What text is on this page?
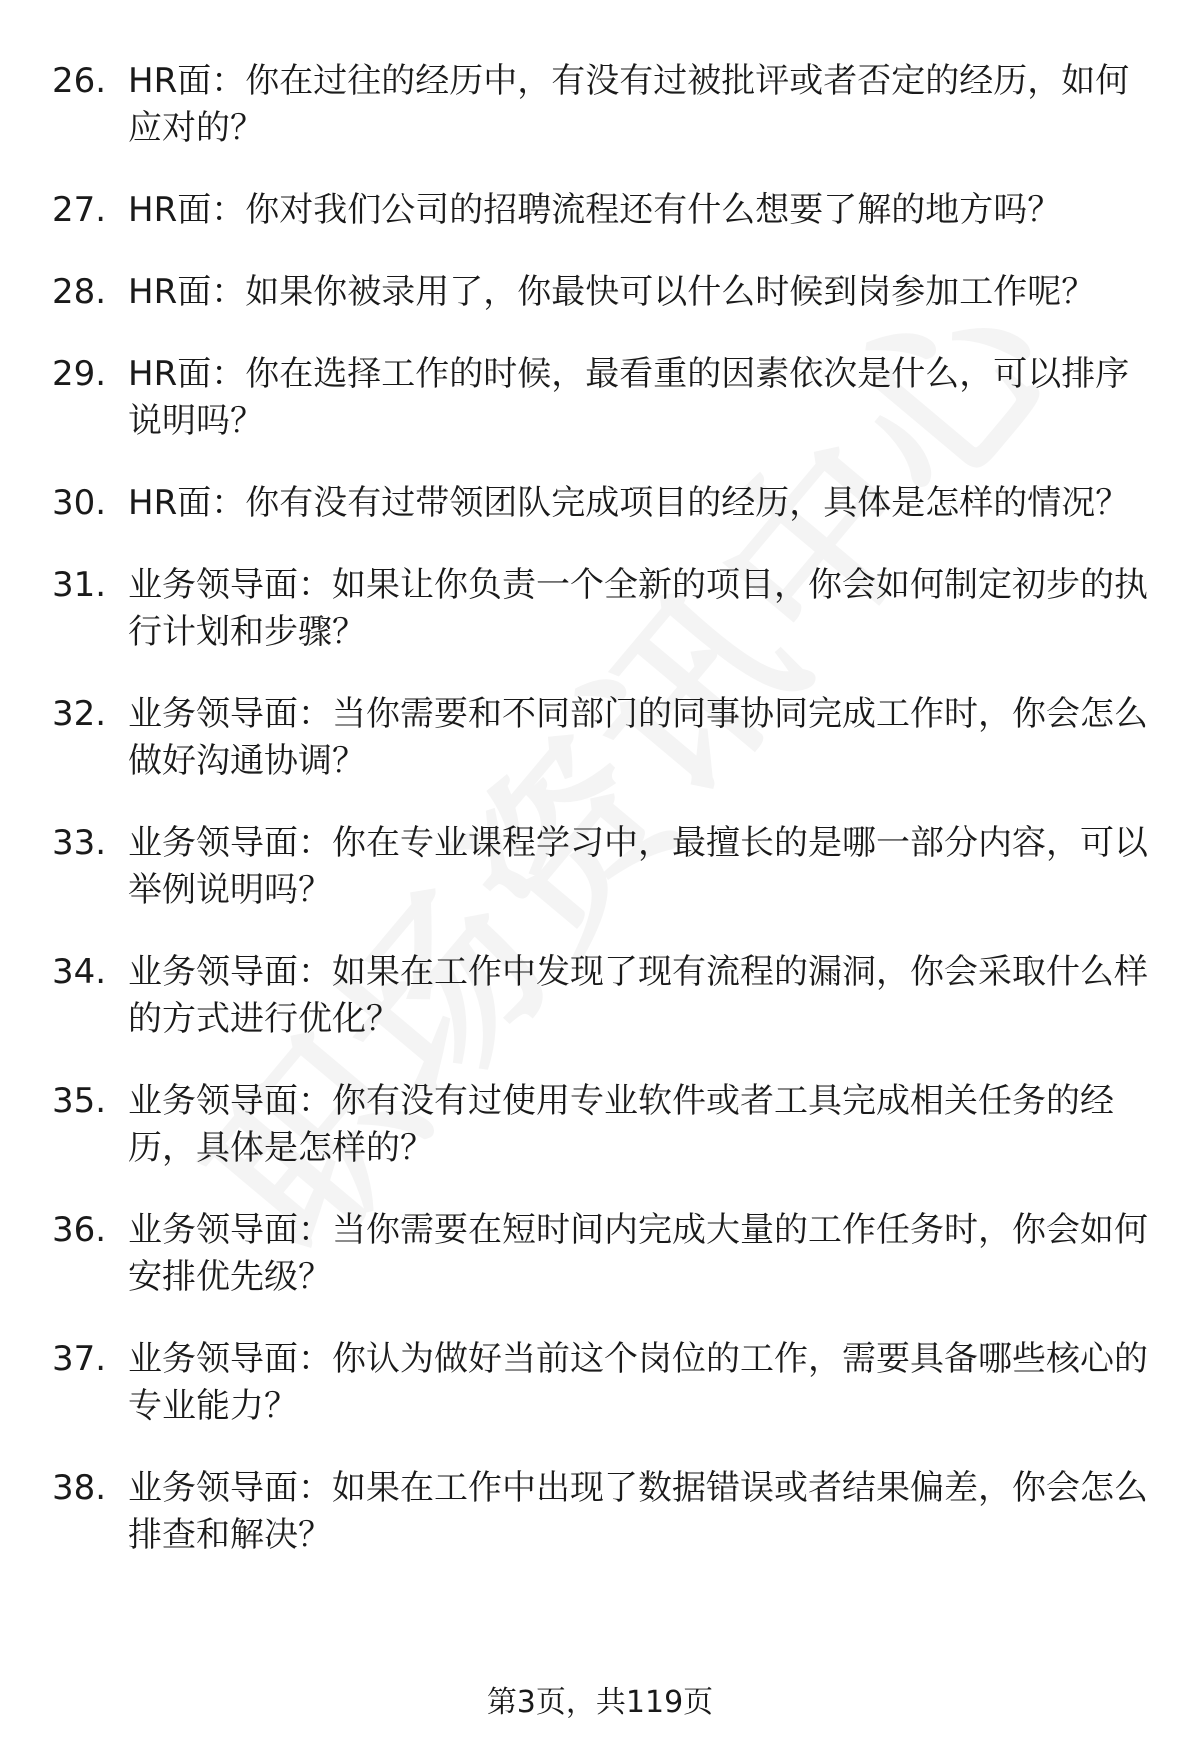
26. HR面：你在过往的经历中，有没有过被批评或者否定的经历，如何应对的？
27. HR面：你对我们公司的招聘流程还有什么想要了解的地方吗？
28. HR面：如果你被录用了，你最快可以什么时候到岗参加工作呢？
29. HR面：你在选择工作的时候，最看重的因素依次是什么，可以排序说明吗？
30. HR面：你有没有过带领团队完成项目的经历，具体是怎样的情况？
31. 业务领导面：如果让你负责一个全新的项目，你会如何制定初步的执行计划和步骤？
32. 业务领导面：当你需要和不同部门的同事协同完成工作时，你会怎么做好沟通协调？
33. 业务领导面：你在专业课程学习中，最擅长的是哪一部分内容，可以举例说明吗？
34. 业务领导面：如果在工作中发现了现有流程的漏洞，你会采取什么样的方式进行优化？
35. 业务领导面：你有没有过使用专业软件或者工具完成相关任务的经历，具体是怎样的？
36. 业务领导面：当你需要在短时间内完成大量的工作任务时，你会如何安排优先级？
37. 业务领导面：你认为做好当前这个岗位的工作，需要具备哪些核心的专业能力？
38. 业务领导面：如果在工作中出现了数据错误或者结果偏差，你会怎么排查和解决？
第3页，共119页
